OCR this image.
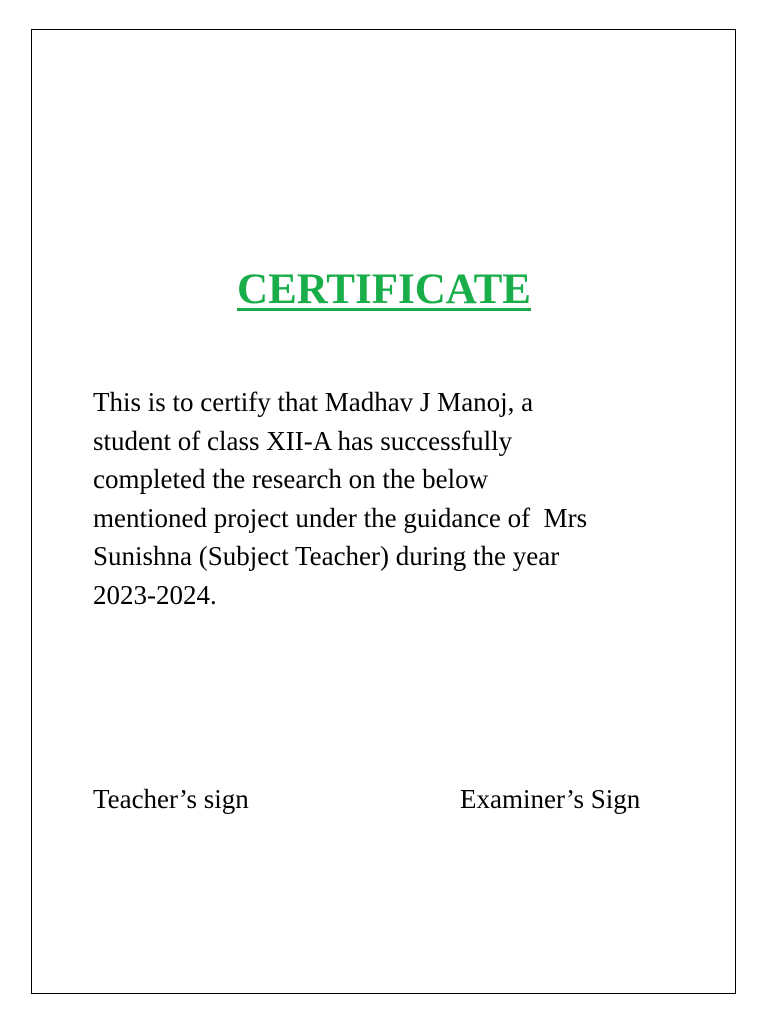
CERTIFICATE

This is to certify that Madhav J Manoj, a
student of class XII-A has successfully
completed the research on the below
mentioned project under the guidance of  Mrs
Sunishna (Subject Teacher) during the year
2023-2024.

Teacher’s sign	Examiner’s Sign
